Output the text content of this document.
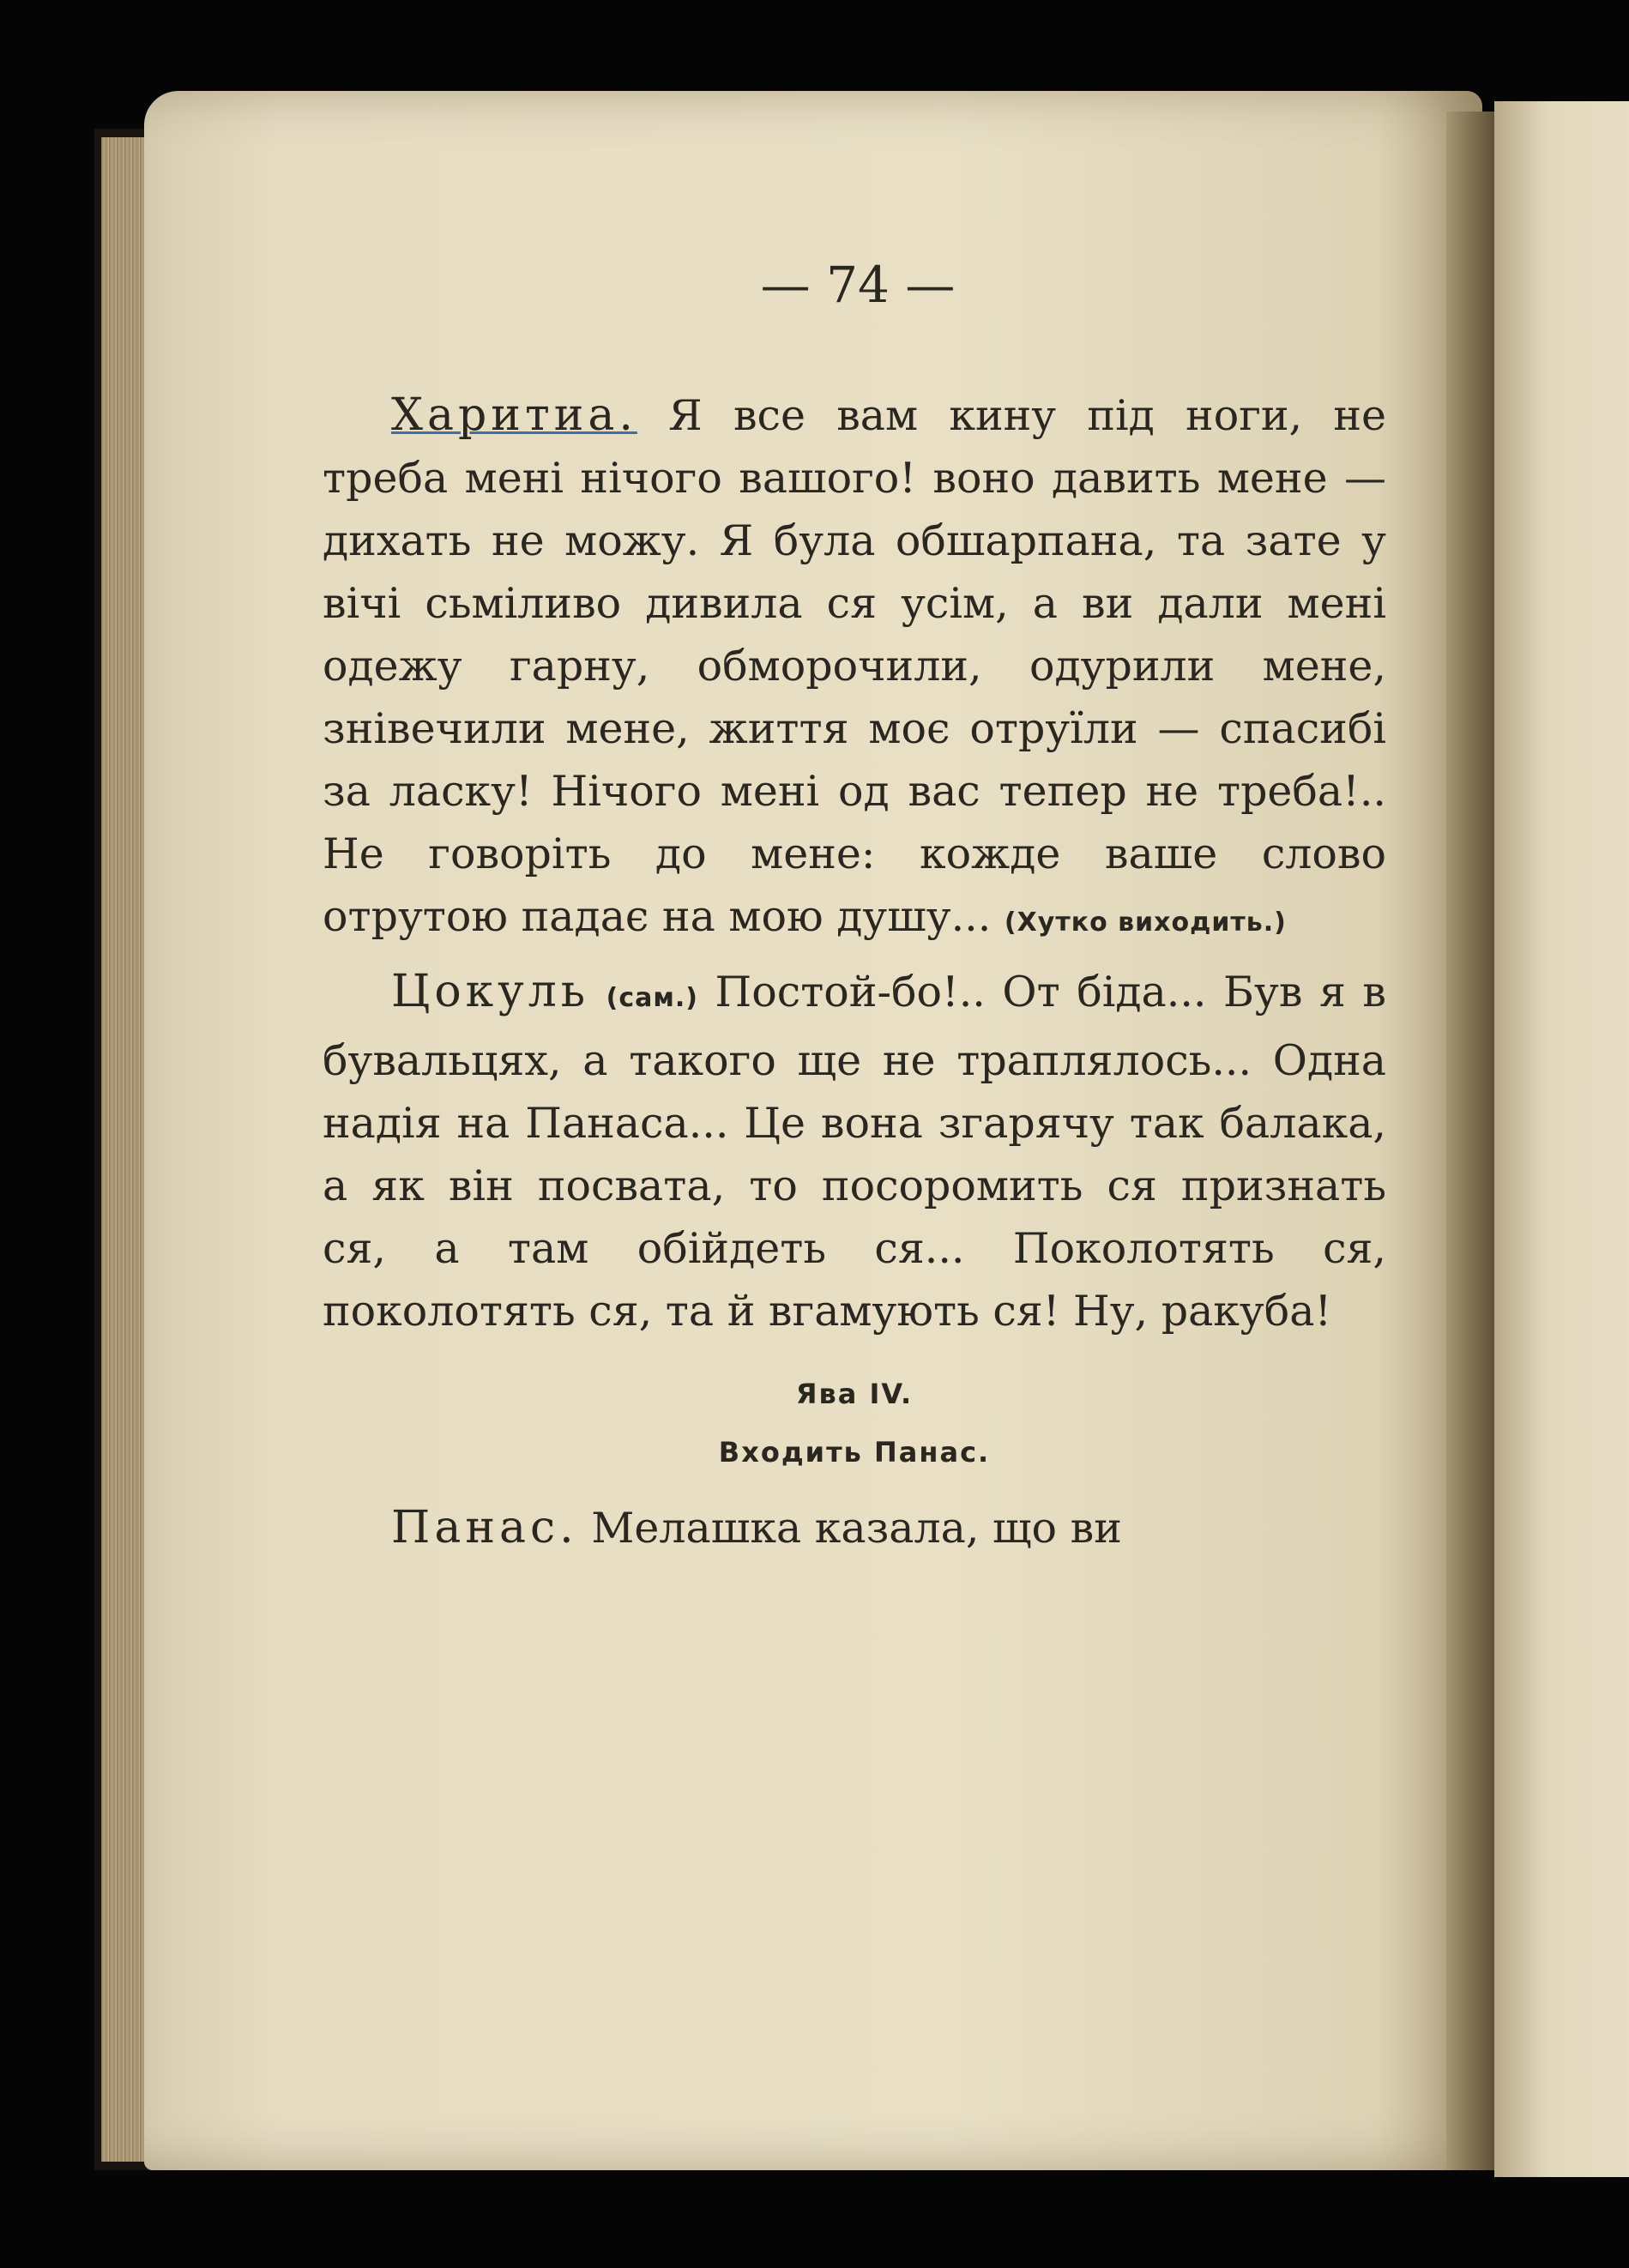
— 74 —

Харитиа. Я все вам кину під ноги, не треба мені нічого вашого! воно давить мене — дихать не можу. Я була обшарпана, та зате у вічі сьміливо дивила ся усім, а ви дали мені одежу гарну, обморочили, одурили мене, знівечили мене, життя моє отруїли — спасибі за ласку! Нічого мені од вас тепер не треба!.. Не говоріть до мене: кожде ваше слово отрутою падає на мою душу... (Хутко виходить.)

Цокуль (сам.) Постой-бо!.. От біда... Був я в бувальцях, а такого ще не траплялось... Одна надія на Панаса... Це вона згарячу так балака, а як він посвата, то посоромить ся признать ся, а там обійдеть ся... Поколотять ся, поколотять ся, та й вгамують ся! Ну, ракуба!

Ява IV.

Входить Панас.

Панас. Мелашка казала, що ви
